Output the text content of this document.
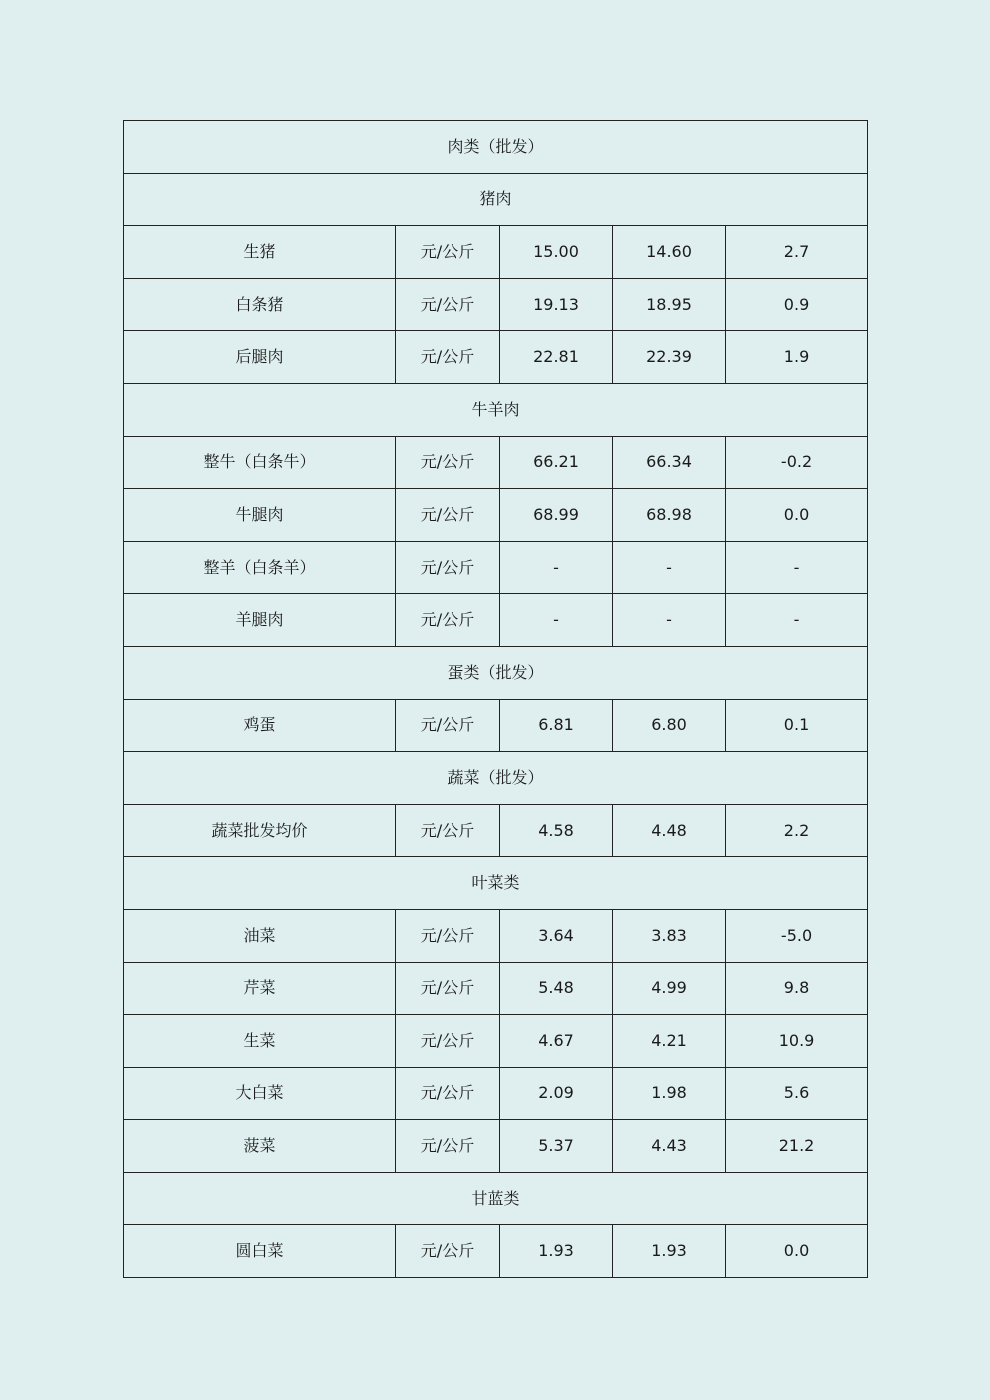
肉类（批发）				
猪肉				
生猪	元/公斤	15.00	14.60	2.7
白条猪	元/公斤	19.13	18.95	0.9
后腿肉	元/公斤	22.81	22.39	1.9
牛羊肉				
整牛（白条牛）	元/公斤	66.21	66.34	-0.2
牛腿肉	元/公斤	68.99	68.98	0.0
整羊（白条羊）	元/公斤	-	-	-
羊腿肉	元/公斤	-	-	-
蛋类（批发）				
鸡蛋	元/公斤	6.81	6.80	0.1
蔬菜（批发）				
蔬菜批发均价	元/公斤	4.58	4.48	2.2
叶菜类				
油菜	元/公斤	3.64	3.83	-5.0
芹菜	元/公斤	5.48	4.99	9.8
生菜	元/公斤	4.67	4.21	10.9
大白菜	元/公斤	2.09	1.98	5.6
菠菜	元/公斤	5.37	4.43	21.2
甘蓝类				
圆白菜	元/公斤	1.93	1.93	0.0
